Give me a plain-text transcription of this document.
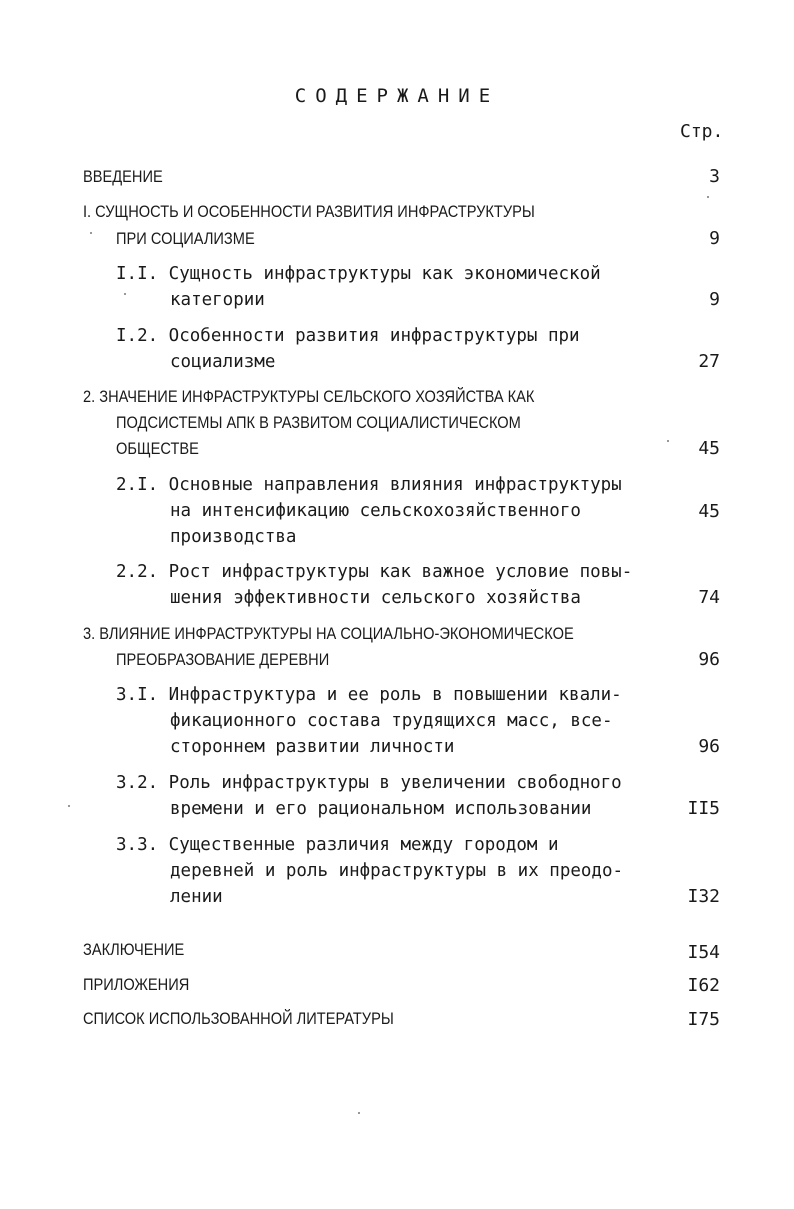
СОДЕРЖАНИЕ
Стр.
ВВЕДЕНИЕ	3
I. СУЩНОСТЬ И ОСОБЕННОСТИ РАЗВИТИЯ ИНФРАСТРУКТУРЫ
ПРИ СОЦИАЛИЗМЕ	9
I.I. Сущность инфраструктуры как экономической
категории	9
I.2. Особенности развития инфраструктуры при
социализме	27
2. ЗНАЧЕНИЕ ИНФРАСТРУКТУРЫ СЕЛЬСКОГО ХОЗЯЙСТВА КАК
ПОДСИСТЕМЫ АПК В РАЗВИТОМ СОЦИАЛИСТИЧЕСКОМ
ОБЩЕСТВЕ	45
2.I. Основные направления влияния инфраструктуры
на интенсификацию сельскохозяйственного
производства
45
2.2. Рост инфраструктуры как важное условие повы-
шения эффективности сельского хозяйства	74
3. ВЛИЯНИЕ ИНФРАСТРУКТУРЫ НА СОЦИАЛЬНО-ЭКОНОМИЧЕСКОЕ
ПРЕОБРАЗОВАНИЕ ДЕРЕВНИ	96
3.I. Инфраструктура и ее роль в повышении квали-
фикационного состава трудящихся масс, все-
стороннем развитии личности	96
3.2. Роль инфраструктуры в увеличении свободного
времени и его рациональном использовании	II5
3.3. Существенные различия между городом и
деревней и роль инфраструктуры в их преодо-
лении	I32
ЗАКЛЮЧЕНИЕ	I54
ПРИЛОЖЕНИЯ	I62
СПИСОК ИСПОЛЬЗОВАННОЙ ЛИТЕРАТУРЫ	I75
